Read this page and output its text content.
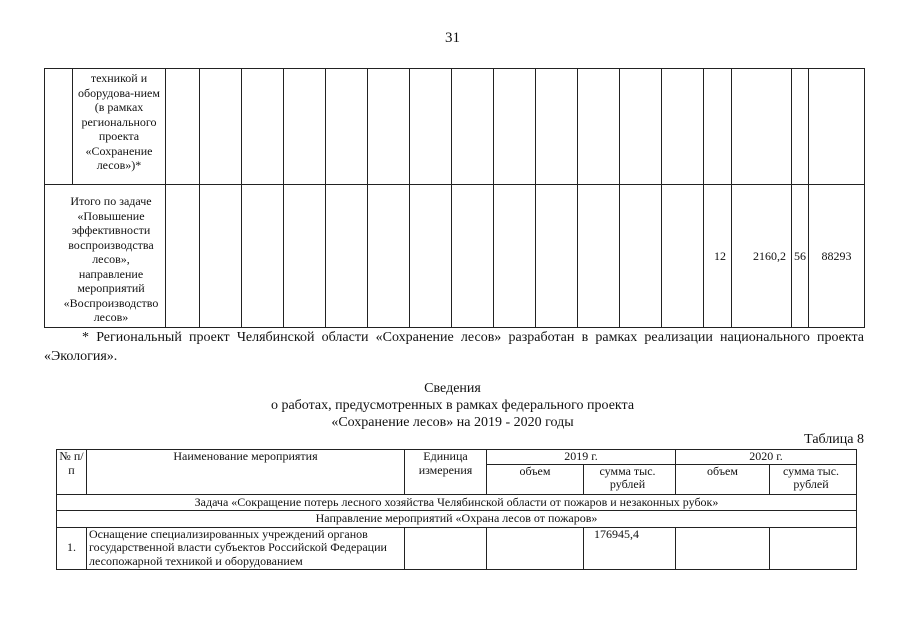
31
	техникой и оборудова-нием (в рамках регионального проекта «Сохранение лесов»)*																	
Итого по задаче «Повышение эффективности воспроизводства лесов», направление мероприятий «Воспроизводство лесов»															12	2160,2	56	88293
* Региональный проект Челябинской области «Сохранение лесов» разработан в рамках реализации национального проекта «Экология».
Сведения
о работах, предусмотренных в рамках федерального проекта
«Сохранение лесов» на 2019 - 2020 годы
Таблица 8
№ п/п	Наименование мероприятия	Единица измерения	2019 г.		2020 г.	
			объем	сумма тыс. рублей	объем	сумма тыс. рублей
Задача «Сокращение потерь лесного хозяйства Челябинской области от пожаров и незаконных рубок»						
Направление мероприятий «Охрана лесов от пожаров»						
1.	Оснащение специализированных учреждений органов государственной власти субъектов Российской Федерации лесопожарной техникой и оборудованием			176945,4		
